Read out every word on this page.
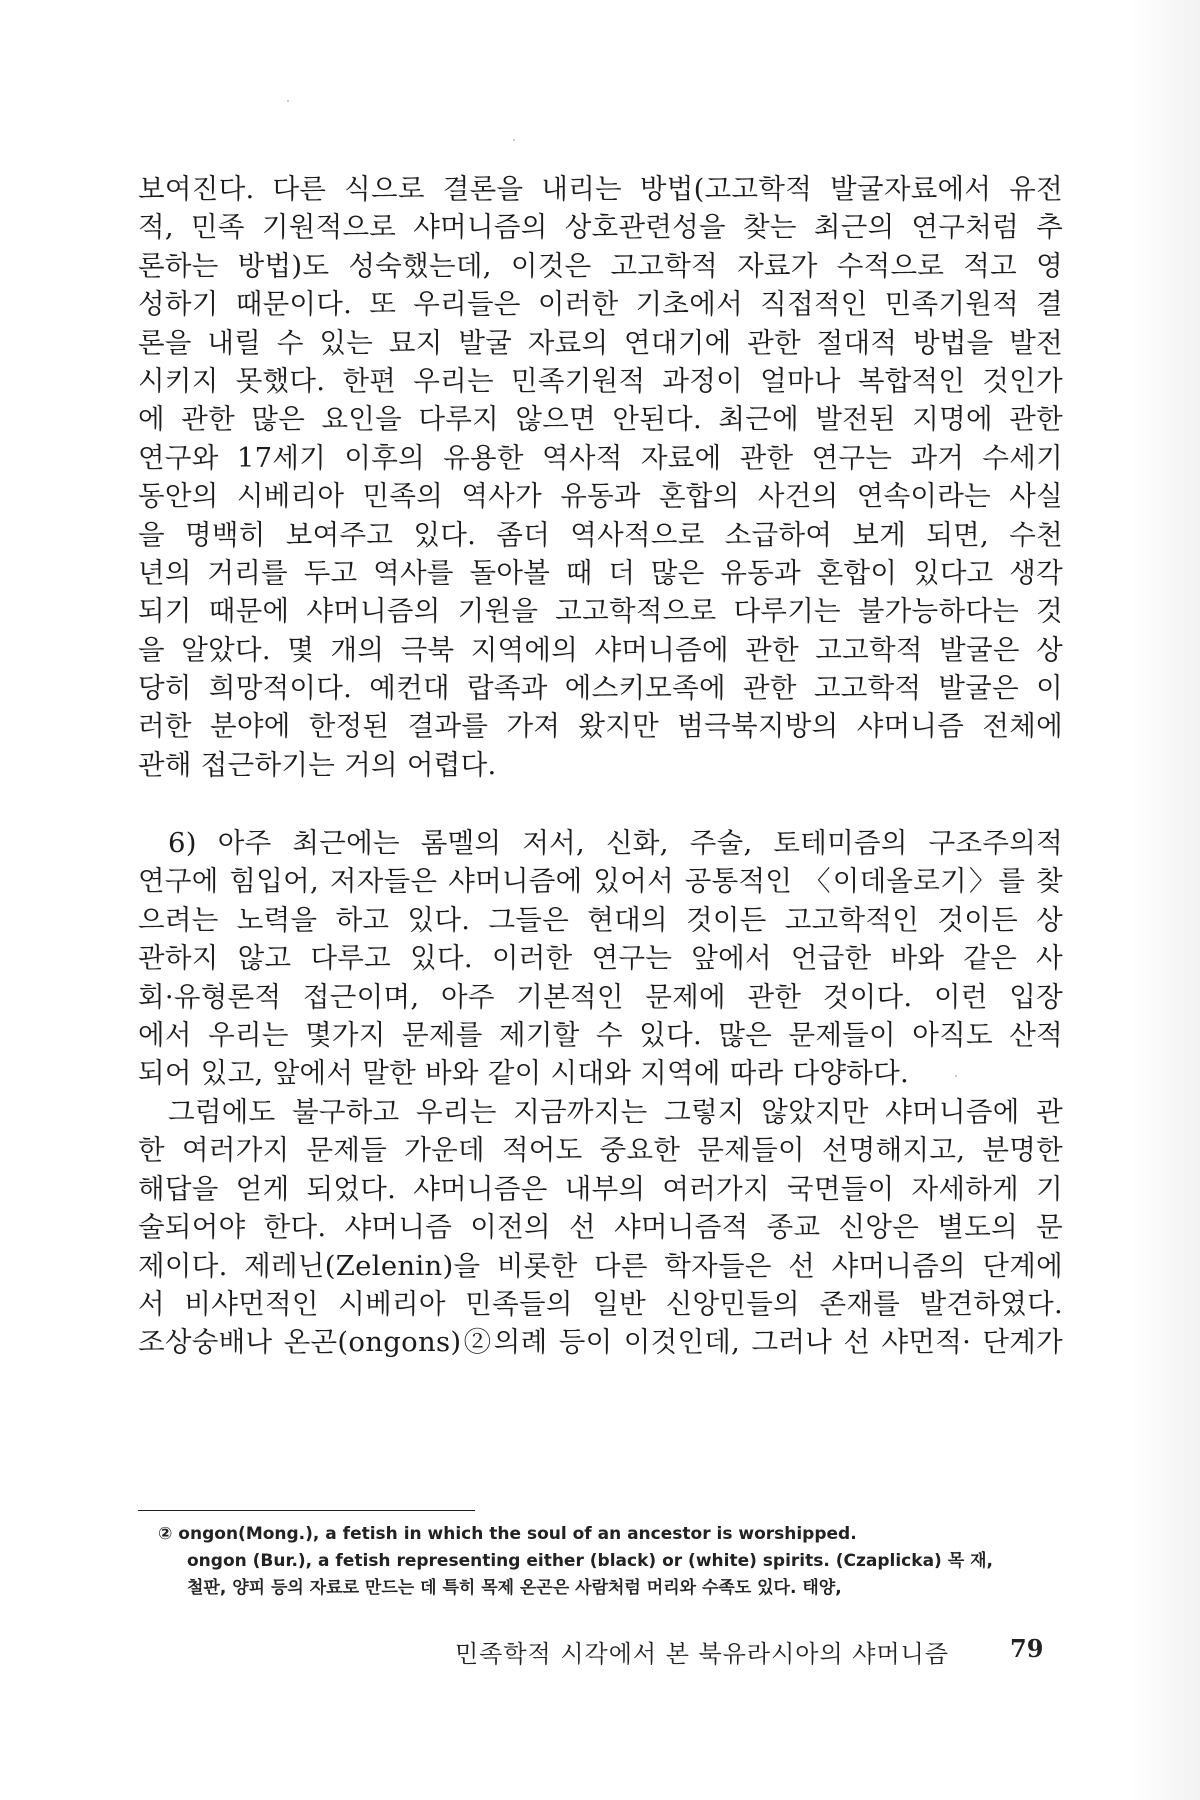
보여진다. 다른 식으로 결론을 내리는 방법(고고학적 발굴자료에서 유전
적, 민족 기원적으로 샤머니즘의 상호관련성을 찾는 최근의 연구처럼 추
론하는 방법)도 성숙했는데, 이것은 고고학적 자료가 수적으로 적고 영
성하기 때문이다. 또 우리들은 이러한 기초에서 직접적인 민족기원적 결
론을 내릴 수 있는 묘지 발굴 자료의 연대기에 관한 절대적 방법을 발전
시키지 못했다. 한편 우리는 민족기원적 과정이 얼마나 복합적인 것인가
에 관한 많은 요인을 다루지 않으면 안된다. 최근에 발전된 지명에 관한
연구와 17세기 이후의 유용한 역사적 자료에 관한 연구는 과거 수세기
동안의 시베리아 민족의 역사가 유동과 혼합의 사건의 연속이라는 사실
을 명백히 보여주고 있다. 좀더 역사적으로 소급하여 보게 되면, 수천
년의 거리를 두고 역사를 돌아볼 때 더 많은 유동과 혼합이 있다고 생각
되기 때문에 샤머니즘의 기원을 고고학적으로 다루기는 불가능하다는 것
을 알았다. 몇 개의 극북 지역에의 샤머니즘에 관한 고고학적 발굴은 상
당히 희망적이다. 예컨대 랍족과 에스키모족에 관한 고고학적 발굴은 이
러한 분야에 한정된 결과를 가져 왔지만 범극북지방의 샤머니즘 전체에
관해 접근하기는 거의 어렵다.
6) 아주 최근에는 롬멜의 저서, 신화, 주술, 토테미즘의 구조주의적
연구에 힘입어, 저자들은 샤머니즘에 있어서 공통적인 〈이데올로기〉를 찾
으려는 노력을 하고 있다. 그들은 현대의 것이든 고고학적인 것이든 상
관하지 않고 다루고 있다. 이러한 연구는 앞에서 언급한 바와 같은 사
회·유형론적 접근이며, 아주 기본적인 문제에 관한 것이다. 이런 입장
에서 우리는 몇가지 문제를 제기할 수 있다. 많은 문제들이 아직도 산적
되어 있고, 앞에서 말한 바와 같이 시대와 지역에 따라 다양하다.
그럼에도 불구하고 우리는 지금까지는 그렇지 않았지만 샤머니즘에 관
한 여러가지 문제들 가운데 적어도 중요한 문제들이 선명해지고, 분명한
해답을 얻게 되었다. 샤머니즘은 내부의 여러가지 국면들이 자세하게 기
술되어야 한다. 샤머니즘 이전의 선 샤머니즘적 종교 신앙은 별도의 문
제이다. 제레닌(Zelenin)을 비롯한 다른 학자들은 선 샤머니즘의 단계에
서 비샤먼적인 시베리아 민족들의 일반 신앙민들의 존재를 발견하였다.
조상숭배나 온곤(ongons)②의례 등이 이것인데, 그러나 선 샤먼적· 단계가
② ongon(Mong.), a fetish in which the soul of an ancestor is worshipped.
ongon (Bur.), a fetish representing either (black) or (white) spirits. (Czaplicka) 목 재,
철판, 양피 등의 자료로 만드는 데 특히 목제 온곤은 사람처럼 머리와 수족도 있다. 태양,
민족학적 시각에서 본 북유라시아의 샤머니즘	79
